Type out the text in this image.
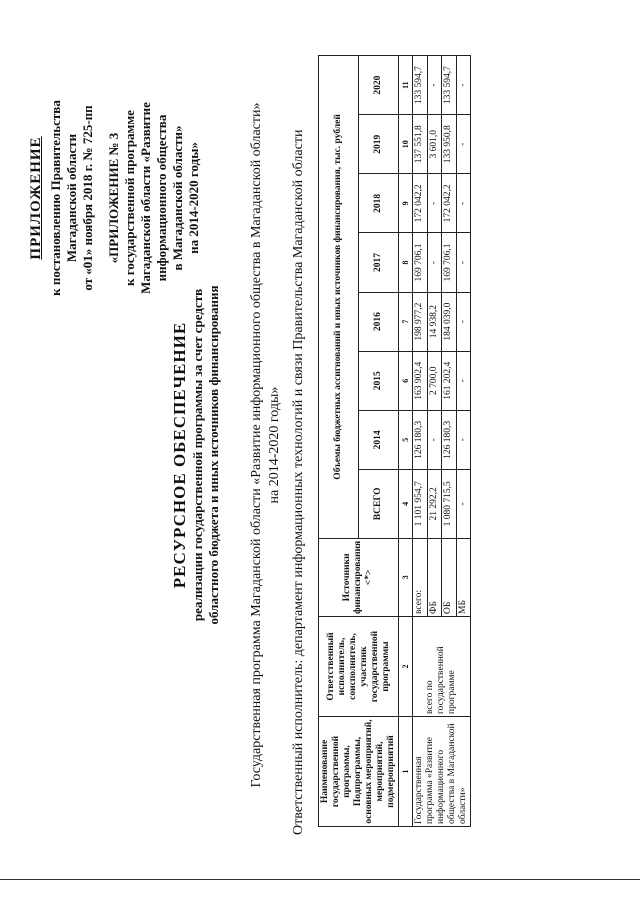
ПРИЛОЖЕНИЕ к постановлению Правительства Магаданской области от «01» ноября 2018 г. № 725-пп «ПРИЛОЖЕНИЕ № 3 к государственной программе Магаданской области «Развитие информационного общества в Магаданской области» на 2014-2020 годы»
РЕСУРСНОЕ ОБЕСПЕЧЕНИЕ реализации государственной программы за счет средств областного бюджета и иных источников финансирования Государственная программа Магаданской области «Развитие информационного общества в Магаданской области» на 2014-2020 годы» Ответственный исполнитель: департамент информационных технологий и связи Правительства Магаданской области Наименование государственной программы, Подпрограммы, основных мероприятий, мероприятий, подмероприятий	Ответственный исполнитель, соисполнитель, участник государственной программы	Источники финансирования <*>	Объемы бюджетных ассигнований и иных источников финансирования, тыс. рублей							
			ВСЕГО	2014	2015	2016	2017	2018	2019	2020
1	2	3	4	5	6	7	8	9	10	11
Государственная программа «Развитие информационного общества в Магаданской области»	всего по государственной программе	всего:	1 101 954,7	126 180,3	163 902,4	198 977,2	169 706,1	172 042,2	137 551,8	133 594,7
		ФБ	21 292,2	-	2 700,0	14 938,2	-	-	3 601,0	-
		ОБ	1 080 715,5	126 180,3	161 202,4	184 039,0	169 706,1	172 042,2	133 950,8	133 594,7
		МБ	-	-	-	-	-	-	-	-
